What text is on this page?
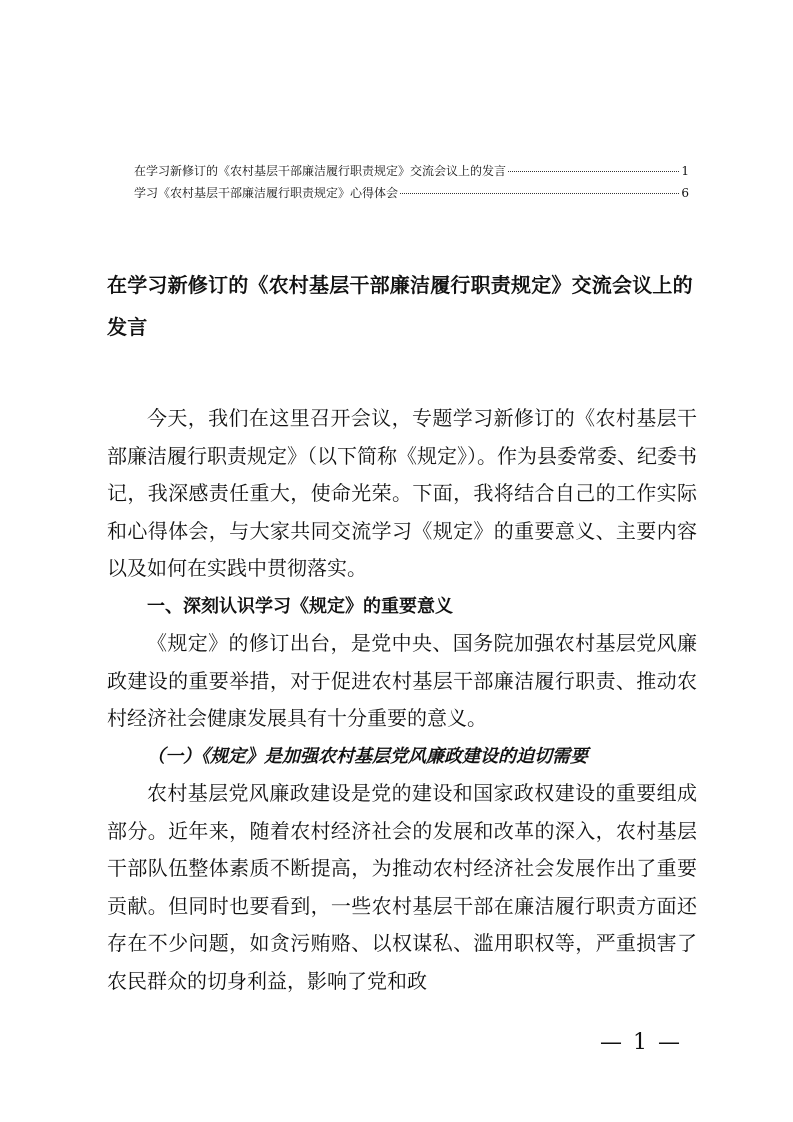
在学习新修订的《农村基层干部廉洁履行职责规定》交流会议上的发言	1
学习《农村基层干部廉洁履行职责规定》心得体会	6
在学习新修订的《农村基层干部廉洁履行职责规定》交流会议上的发言

今天，我们在这里召开会议，专题学习新修订的《农村基层干部廉洁履行职责规定》（以下简称《规定》）。作为县委常委、纪委书记，我深感责任重大，使命光荣。下面，我将结合自己的工作实际和心得体会，与大家共同交流学习《规定》的重要意义、主要内容以及如何在实践中贯彻落实。

一、深刻认识学习《规定》的重要意义

《规定》的修订出台，是党中央、国务院加强农村基层党风廉政建设的重要举措，对于促进农村基层干部廉洁履行职责、推动农村经济社会健康发展具有十分重要的意义。

（一）《规定》是加强农村基层党风廉政建设的迫切需要

农村基层党风廉政建设是党的建设和国家政权建设的重要组成部分。近年来，随着农村经济社会的发展和改革的深入，农村基层干部队伍整体素质不断提高，为推动农村经济社会发展作出了重要贡献。但同时也要看到，一些农村基层干部在廉洁履行职责方面还存在不少问题，如贪污贿赂、以权谋私、滥用职权等，严重损害了农民群众的切身利益，影响了党和政

— 1 —
